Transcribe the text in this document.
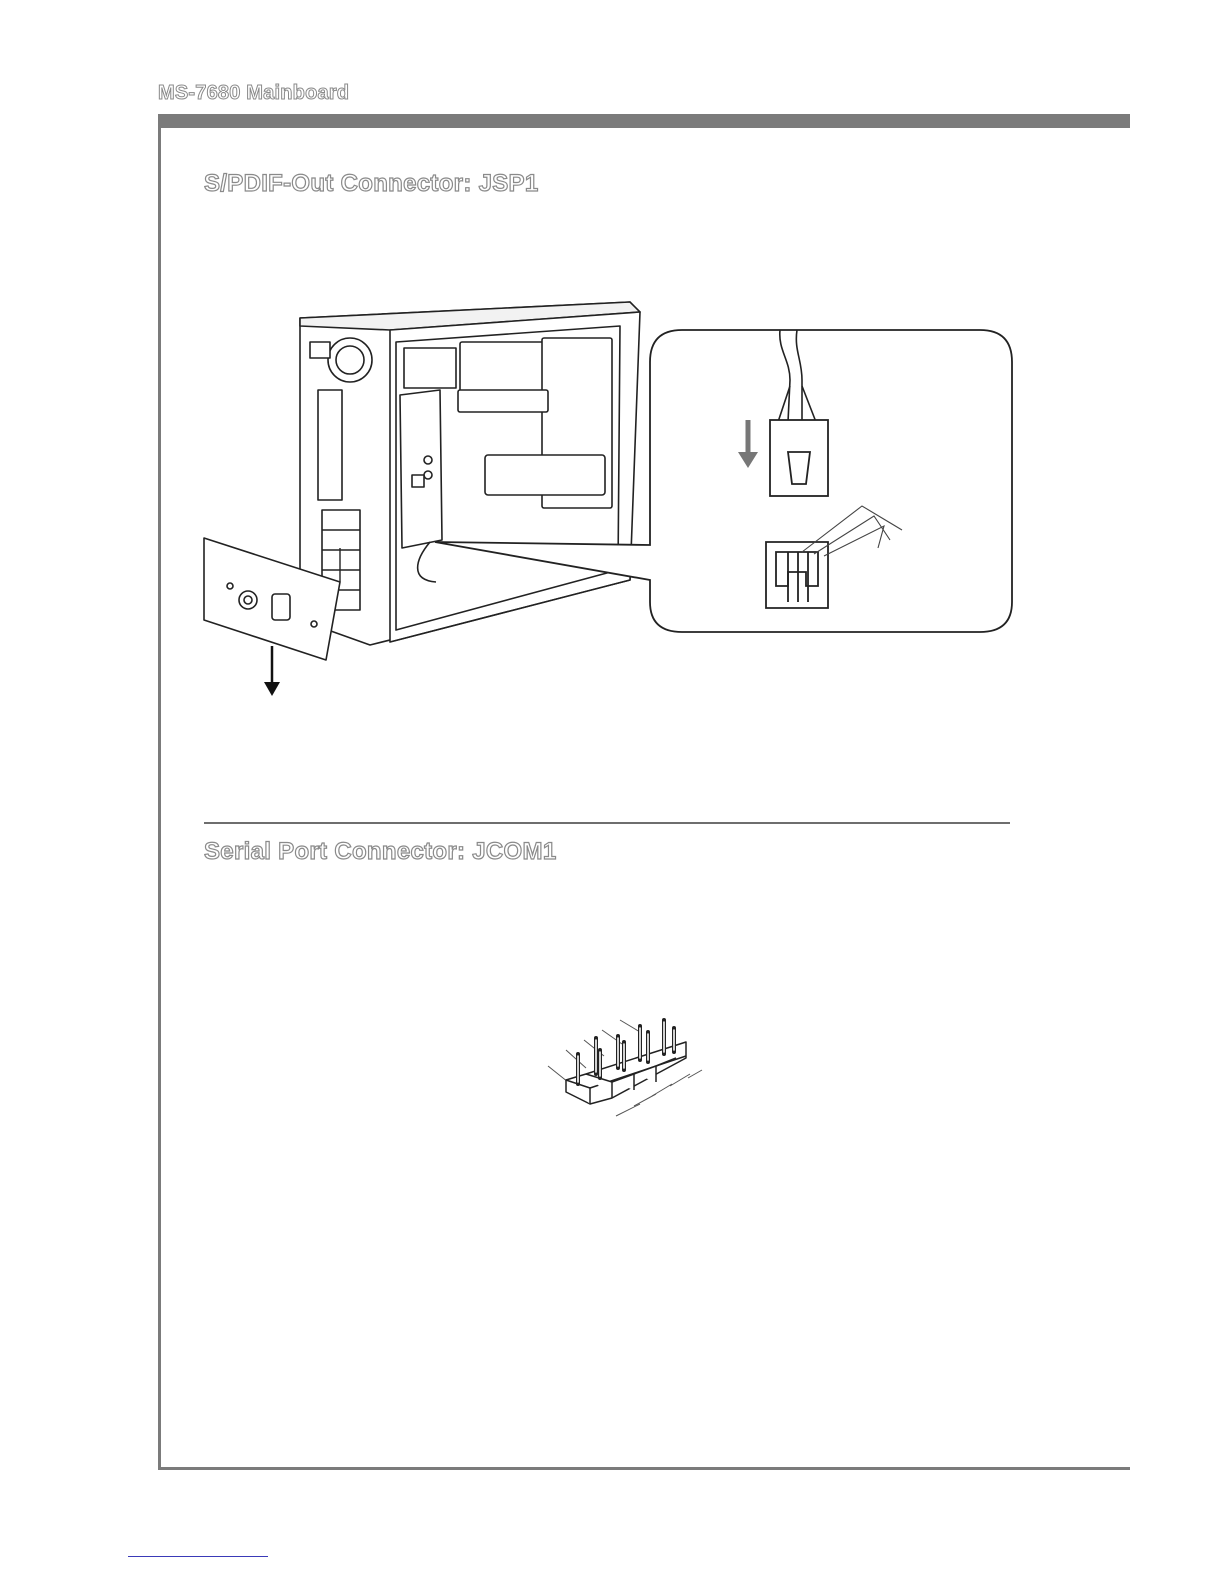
MS-7680 Mainboard
S/PDIF-Out Connector: JSP1
Serial Port Connector: JCOM1
